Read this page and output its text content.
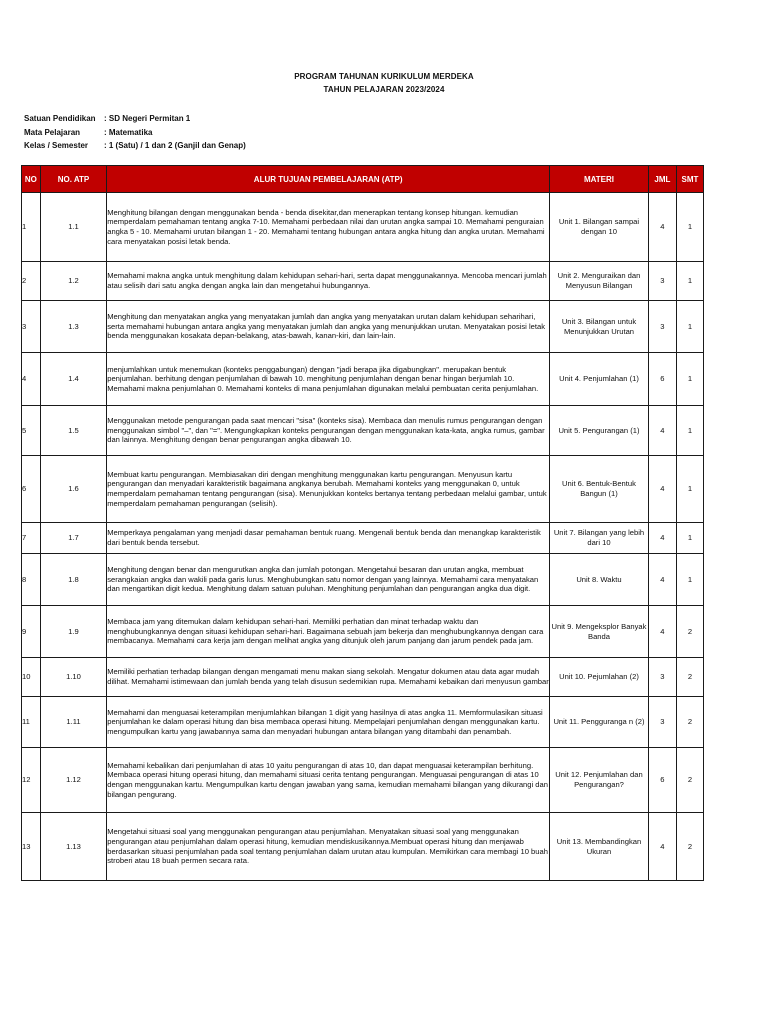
PROGRAM TAHUNAN KURIKULUM MERDEKA
TAHUN PELAJARAN 2023/2024
Satuan Pendidikan	: SD Negeri Permitan 1
Mata Pelajaran	: Matematika
Kelas / Semester	: 1 (Satu) / 1 dan 2 (Ganjil dan Genap)
NO	NO. ATP	ALUR TUJUAN PEMBELAJARAN (ATP)	MATERI	JML	SMT
1	1.1	Menghitung bilangan dengan menggunakan benda - benda disekitar,dan menerapkan tentang konsep hitungan. kemudian memperdalam pemahaman tentang angka 7-10. Memahami perbedaan nilai dan urutan angka sampai 10. Memahami penguraian angka 5 - 10. Memahami urutan bilangan 1 - 20. Memahami tentang hubungan antara angka hitung dan angka urutan. Memahami cara menyatakan posisi letak benda.	Unit 1. Bilangan sampai dengan 10	4	1
2	1.2	Memahami makna angka untuk menghitung dalam kehidupan sehari-hari, serta dapat menggunakannya. Mencoba mencari jumlah atau selisih dari satu angka dengan angka lain dan mengetahui hubungannya.	Unit 2. Menguraikan dan Menyusun Bilangan	3	1
3	1.3	Menghitung dan menyatakan angka yang menyatakan jumlah dan angka yang menyatakan urutan dalam kehidupan seharihari, serta memahami hubungan antara angka yang menyatakan jumlah dan angka yang menunjukkan urutan. Menyatakan posisi letak benda menggunakan kosakata depan-belakang, atas-bawah, kanan-kiri, dan lain-lain.	Unit 3. Bilangan untuk Menunjukkan Urutan	3	1
4	1.4	menjumlahkan untuk menemukan (konteks penggabungan) dengan "jadi berapa jika digabungkan". merupakan bentuk penjumlahan. berhitung dengan penjumlahan di bawah 10. menghitung penjumlahan dengan benar hingan berjumlah 10. Memahami makna penjumlahan 0. Memahami konteks di mana penjumlahan digunakan melalui pembuatan cerita penjumlahan.	Unit 4. Penjumlahan (1)	6	1
5	1.5	Menggunakan metode pengurangan pada saat mencari "sisa" (konteks sisa). Membaca dan menulis rumus pengurangan dengan menggunakan simbol "–", dan "=". Mengungkapkan konteks pengurangan dengan menggunakan kata-kata, angka rumus, gambar dan lainnya. Menghitung dengan benar pengurangan angka dibawah 10.	Unit 5. Pengurangan (1)	4	1
6	1.6	Membuat kartu pengurangan. Membiasakan diri dengan menghitung menggunakan kartu pengurangan. Menyusun kartu pengurangan dan menyadari karakteristik bagaimana angkanya berubah. Memahami konteks yang menggunakan 0, untuk memperdalam pemahaman tentang pengurangan (sisa). Menunjukkan konteks bertanya tentang perbedaan melalui gambar, untuk memperdalam pemahaman pengurangan (selisih).	Unit 6. Bentuk-Bentuk Bangun (1)	4	1
7	1.7	Memperkaya pengalaman yang menjadi dasar pemahaman bentuk ruang. Mengenali bentuk benda dan menangkap karakteristik dari bentuk benda tersebut.	Unit 7. Bilangan yang lebih dari 10	4	1
8	1.8	Menghitung dengan benar dan mengurutkan angka dan jumlah potongan. Mengetahui besaran dan urutan angka, membuat serangkaian angka dan wakili pada garis lurus. Menghubungkan satu nomor dengan yang lainnya. Memahami cara menyatakan dan mengartikan digit kedua. Menghitung dalam satuan puluhan. Menghitung penjumlahan dan pengurangan angka dua digit.	Unit 8. Waktu	4	1
9	1.9	Membaca jam yang ditemukan dalam kehidupan sehari-hari. Memiliki perhatian dan minat terhadap waktu dan menghubungkannya dengan situasi kehidupan sehari-hari. Bagaimana sebuah jam bekerja dan menghubungkannya dengan cara membacanya. Memahami cara kerja jam dengan melihat angka yang ditunjuk oleh jarum panjang dan jarum pendek pada jam.	Unit 9. Mengeksplor Banyak Banda	4	2
10	1.10	Memiliki perhatian terhadap bilangan dengan mengamati menu makan siang sekolah. Mengatur dokumen atau data agar mudah dilihat. Memahami istimewaan dan jumlah benda yang telah disusun sedemikian rupa. Memahami kebaikan dari menyusun gambar	Unit 10. Pejumlahan (2)	3	2
11	1.11	Memahami dan menguasai keterampilan menjumlahkan bilangan 1 digit yang hasilnya di atas angka 11. Memformulasikan situasi penjumlahan ke dalam operasi hitung dan bisa membaca operasi hitung. Mempelajari penjumlahan dengan menggunakan kartu. mengumpulkan kartu yang jawabannya sama dan menyadari hubungan antara bilangan yang ditambahi dan penambah.	Unit 11. Pengguranga n (2)	3	2
12	1.12	Memahami kebalikan dari penjumlahan di atas 10 yaitu pengurangan di atas 10, dan dapat menguasai keterampilan berhitung. Membaca operasi hitung operasi hitung, dan memahami situasi cerita tentang pengurangan. Menguasai pengurangan di atas 10 dengan menggunakan kartu. Mengumpulkan kartu dengan jawaban yang sama, kemudian memahami bilangan yang dikurangi dan bilangan pengurang.	Unit 12. Penjumlahan dan Pengurangan?	6	2
13	1.13	Mengetahui situasi soal yang menggunakan pengurangan atau penjumlahan. Menyatakan situasi soal yang menggunakan pengurangan atau penjumlahan dalam operasi hitung, kemudian mendiskusikannya.Membuat operasi hitung dan menjawab berdasarkan situasi penjumlahan pada soal tentang penjumlahan dalam urutan atau kumpulan. Memikirkan cara membagi 10 buah stroberi atau 18 buah permen secara rata.	Unit 13. Membandingkan Ukuran	4	2
